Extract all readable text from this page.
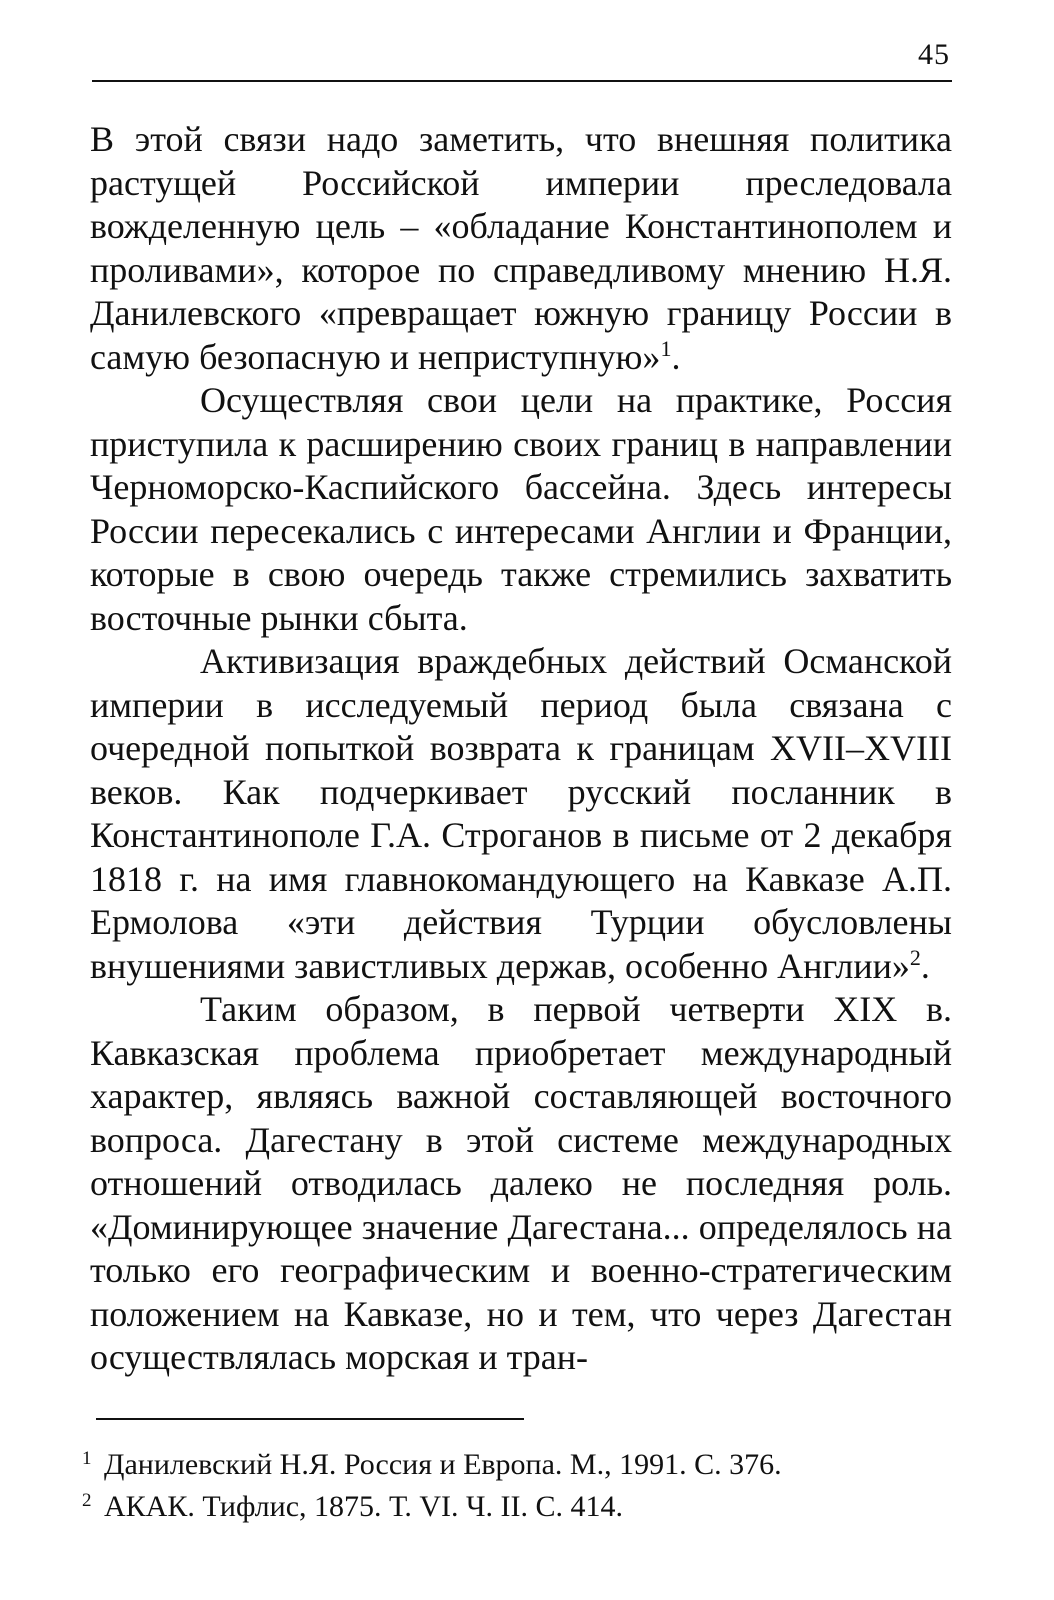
45

В этой связи надо заметить, что внешняя политика растущей Российской империи преследовала вожделенную цель – «обладание Константинополем и проливами», которое по справедливому мнению Н.Я. Данилевского «превращает южную границу России в самую безопасную и неприступную»$^1$.

Осуществляя свои цели на практике, Россия приступила к расширению своих границ в направлении Черноморско-Каспийского бассейна. Здесь интересы России пересекались с интересами Англии и Франции, которые в свою очередь также стремились захватить восточные рынки сбыта.

Активизация враждебных действий Османской империи в исследуемый период была связана с очередной попыткой возврата к границам XVII–XVIII веков. Как подчеркивает русский посланник в Константинополе Г.А. Строганов в письме от 2 декабря 1818 г. на имя главнокомандующего на Кавказе А.П. Ермолова «эти действия Турции обусловлены внушениями завистливых держав, особенно Англии»$^2$.

Таким образом, в первой четверти XIX в. Кавказская проблема приобретает международный характер, являясь важной составляющей восточного вопроса. Дагестану в этой системе международных отношений отводилась далеко не последняя роль. «Доминирующее значение Дагестана... определялось на только его географическим и военно-стратегическим положением на Кавказе, но и тем, что через Дагестан осуществлялась морская и тран-

1 Данилевский Н.Я. Россия и Европа. М., 1991. С. 376.
2 АКАК. Тифлис, 1875. Т. VI. Ч. II. С. 414.
